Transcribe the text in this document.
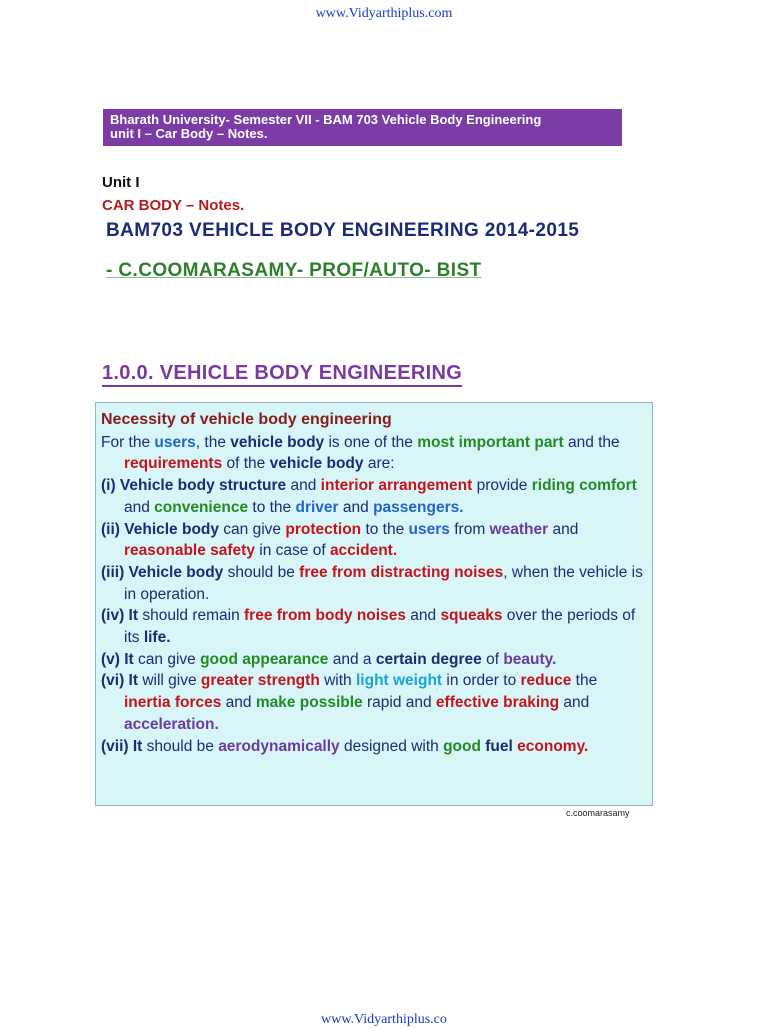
www.Vidyarthiplus.com
Bharath University- Semester VII - BAM 703 Vehicle Body Engineering
unit I – Car Body – Notes.
Unit I
CAR BODY – Notes.
BAM703 VEHICLE BODY ENGINEERING 2014-2015
- C.COOMARASAMY- PROF/AUTO- BIST
1.0.0. VEHICLE BODY ENGINEERING

Necessity of vehicle body engineering

For the users, the vehicle body is one of the most important part and the requirements of the vehicle body are:

(i) Vehicle body structure and interior arrangement provide riding comfort and convenience to the driver and passengers.

(ii) Vehicle body can give protection to the users from weather and reasonable safety in case of accident.

(iii) Vehicle body should be free from distracting noises, when the vehicle is in operation.

(iv) It should remain free from body noises and squeaks over the periods of its life.

(v) It can give good appearance and a certain degree of beauty.

(vi) It will give greater strength with light weight in order to reduce the inertia forces and make possible rapid and effective braking and acceleration.

(vii) It should be aerodynamically designed with good fuel economy.

c.coomarasamy
www.Vidyarthiplus.co
